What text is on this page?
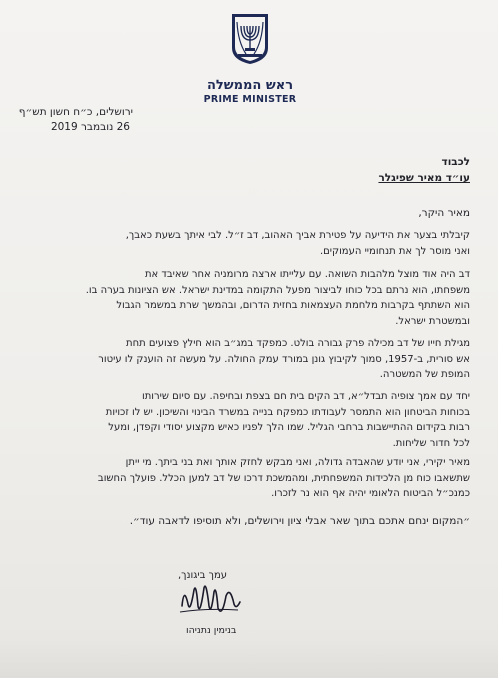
ראש הממשלה
PRIME MINISTER
ירושלים, כ״ח חשון תש״ף
26 נובמבר 2019
לכבוד
עו״ד מאיר שפיגלר
מאיר היקר,
קיבלתי בצער את הידיעה על פטירת אביך האהוב, דב ז״ל. לבי איתך בשעת כאבך,
ואני מוסר לך את תנחומיי העמוקים.
דב היה אוד מוצל מלהבות השואה. עם עלייתו ארצה מרומניה אחר שאיבד את
משפחתו, הוא נרתם בכל כוחו לביצור מפעל התקומה במדינת ישראל. אש הציונות בערה בו.
הוא השתתף בקרבות מלחמת העצמאות בחזית הדרום, ובהמשך שרת במשמר הגבול
ובמשטרת ישראל.
מגילת חייו של דב מכילה פרק גבורה בולט. כמפקד במג״ב הוא חילץ פצועים תחת
אש סורית, ב-1957, סמוך לקיבוץ גונן במורד עמק החולה. על מעשה זה הוענק לו עיטור
המופת של המשטרה.
יחד עם אמך צופיה תבדל״א, דב הקים בית חם בצפת ובחיפה. עם סיום שירותו
בכוחות הביטחון הוא התמסר לעבודתו כמפקח בנייה במשרד הבינוי והשיכון. יש לו זכויות
רבות בקידום ההתיישבות ברחבי הגליל. שמו הלך לפניו כאיש מקצוע יסודי וקפדן, ומעל
לכל חדור שליחות.
מאיר יקירי, אני יודע שהאבדה גדולה, ואני מבקש לחזק אותך ואת בני ביתך. מי ייתן
שתשאבו כוח מן הלכידות המשפחתית, ומהמשכת דרכו של דב למען הכלל. פועלך החשוב
כמנכ״ל הביטוח הלאומי יהיה אף הוא נר לזכרו.
״המקום ינחם אתכם בתוך שאר אבלי ציון וירושלים, ולא תוסיפו לדאבה עוד״.
עמך ביגונך,
בנימין נתניהו
